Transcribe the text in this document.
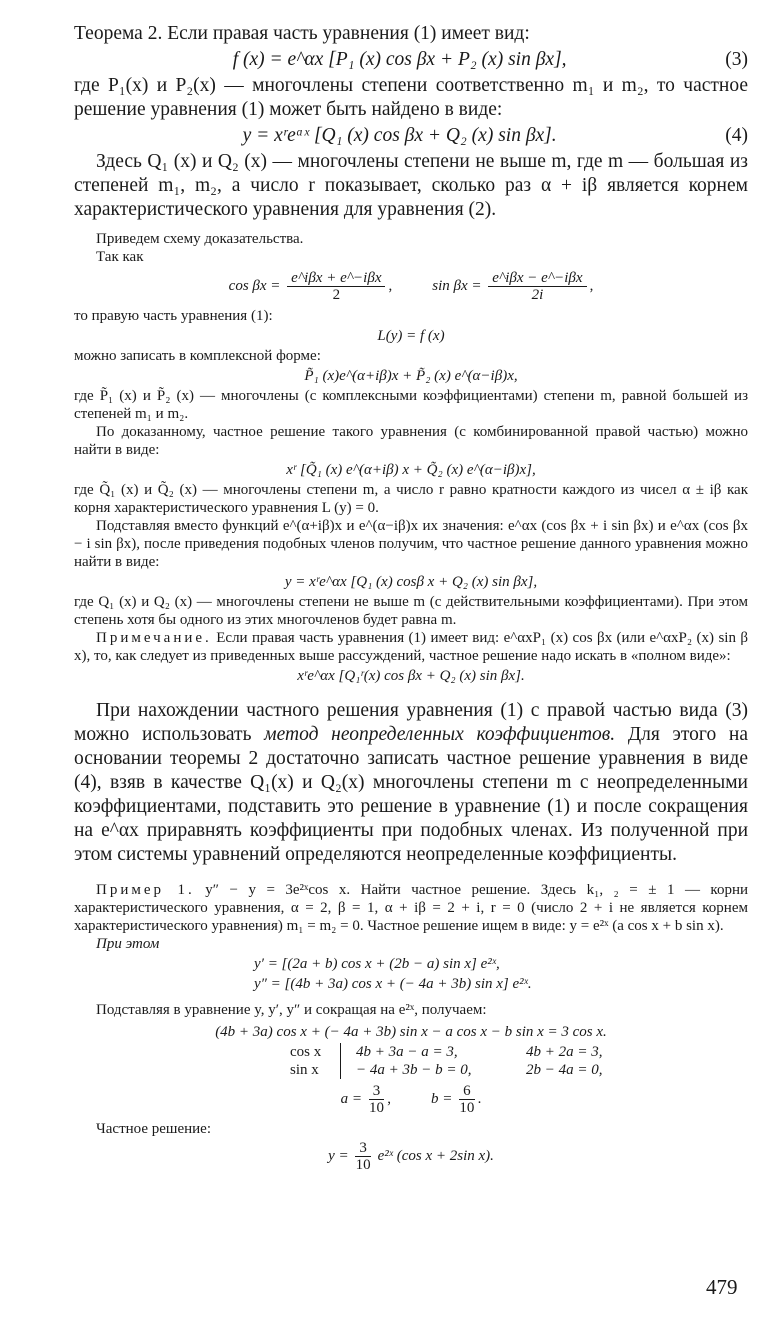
Теорема 2. Если правая часть уравнения (1) имеет вид:

f (x) = e^αx [P₁ (x) cos βx + P₂ (x) sin βx],	(3)

где P₁(x) и P₂(x) — многочлены степени соответственно m₁ и m₂, то частное решение уравнения (1) может быть найдено в виде:

y = xʳeᵅˣ [Q₁ (x) cos βx + Q₂ (x) sin βx].	(4)

Здесь Q₁ (x) и Q₂ (x) — многочлены степени не выше m, где m — большая из степеней m₁, m₂, а число r показывает, сколько раз α + iβ является корнем характеристического уравнения для уравнения (2).

Приведем схему доказательства.

Так как

$\cos \beta x = \frac{\text{e\textasciicircum{}iβx + e\textasciicircum{}−iβx}}{2}$ ,	$\sin \beta x = \frac{\text{e\textasciicircum{}iβx − e\textasciicircum{}−iβx}}{2i}$ ,

то правую часть уравнения (1):

L(y) = f (x)

можно записать в комплексной форме:

P̃₁ (x)e^(α+iβ)x + P̃₂ (x) e^(α−iβ)x,

где P̃₁ (x) и P̃₂ (x) — многочлены (с комплексными коэффициентами) степени m, равной большей из степеней m₁ и m₂.

По доказанному, частное решение такого уравнения (с комбинированной правой частью) можно найти в виде:

xʳ [Q̃₁ (x) e^(α+iβ) x + Q̃₂ (x) e^(α−iβ)x],

где Q̃₁ (x) и Q̃₂ (x) — многочлены степени m, а число r равно кратности каждого из чисел α ± iβ как корня характеристического уравнения L (y) = 0.

Подставляя вместо функций e^(α+iβ)x и e^(α−iβ)x их значения: e^αx (cos βx + i sin βx) и e^αx (cos βx − i sin βx), после приведения подобных членов получим, что частное решение данного уравнения можно найти в виде:

y = xʳe^αx [Q₁ (x) cosβ x + Q₂ (x) sin βx],

где Q₁ (x) и Q₂ (x) — многочлены степени не выше m (с действительными коэффициентами). При этом степень хотя бы одного из этих многочленов будет равна m.

Примечание. Если правая часть уравнения (1) имеет вид: e^αxP₁ (x) cos βx (или e^αxP₂ (x) sin β x), то, как следует из приведенных выше рассуждений, частное решение надо искать в «полном виде»:

xʳe^αx [Q₁ʳ(x) cos βx + Q₂ (x) sin βx].

При нахождении частного решения уравнения (1) с правой частью вида (3) можно использовать метод неопределенных коэффициентов. Для этого на основании теоремы 2 достаточно записать частное решение уравнения в виде (4), взяв в качестве Q₁(x) и Q₂(x) многочлены степени m с неопределенными коэффициентами, подставить это решение в уравнение (1) и после сокращения на e^αx приравнять коэффициенты при подобных членах. Из полученной при этом системы уравнений определяются неопределенные коэффициенты.

Пример 1. y″ − y = 3e²ˣcos x. Найти частное решение. Здесь k₁, ₂ = ± 1 — корни характеристического уравнения, α = 2, β = 1, α + iβ = 2 + i, r = 0 (число 2 + i не является корнем характеристического уравнения) m₁ = m₂ = 0. Частное решение ищем в виде: y = e²ˣ (a cos x + b sin x).

При этом

y′ = [(2a + b) cos x + (2b − a) sin x] e²ˣ,
y″ = [(4b + 3a) cos x + (− 4a + 3b) sin x] e²ˣ.

Подставляя в уравнение y, y′, y″ и сокращая на e²ˣ, получаем:

(4b + 3a) cos x + (− 4a + 3b) sin x − a cos x − b sin x = 3 cos x.
cos x	4b + 3a − a = 3,	4b + 2a = 3,
sin x	− 4a + 3b − b = 0,	2b − 4a = 0,
$a = \frac{3}{10}$ ,	$b = \frac{6}{10}$ .

Частное решение:

$y = \frac{3}{10}$ e²ˣ (cos x + 2sin x).
479
